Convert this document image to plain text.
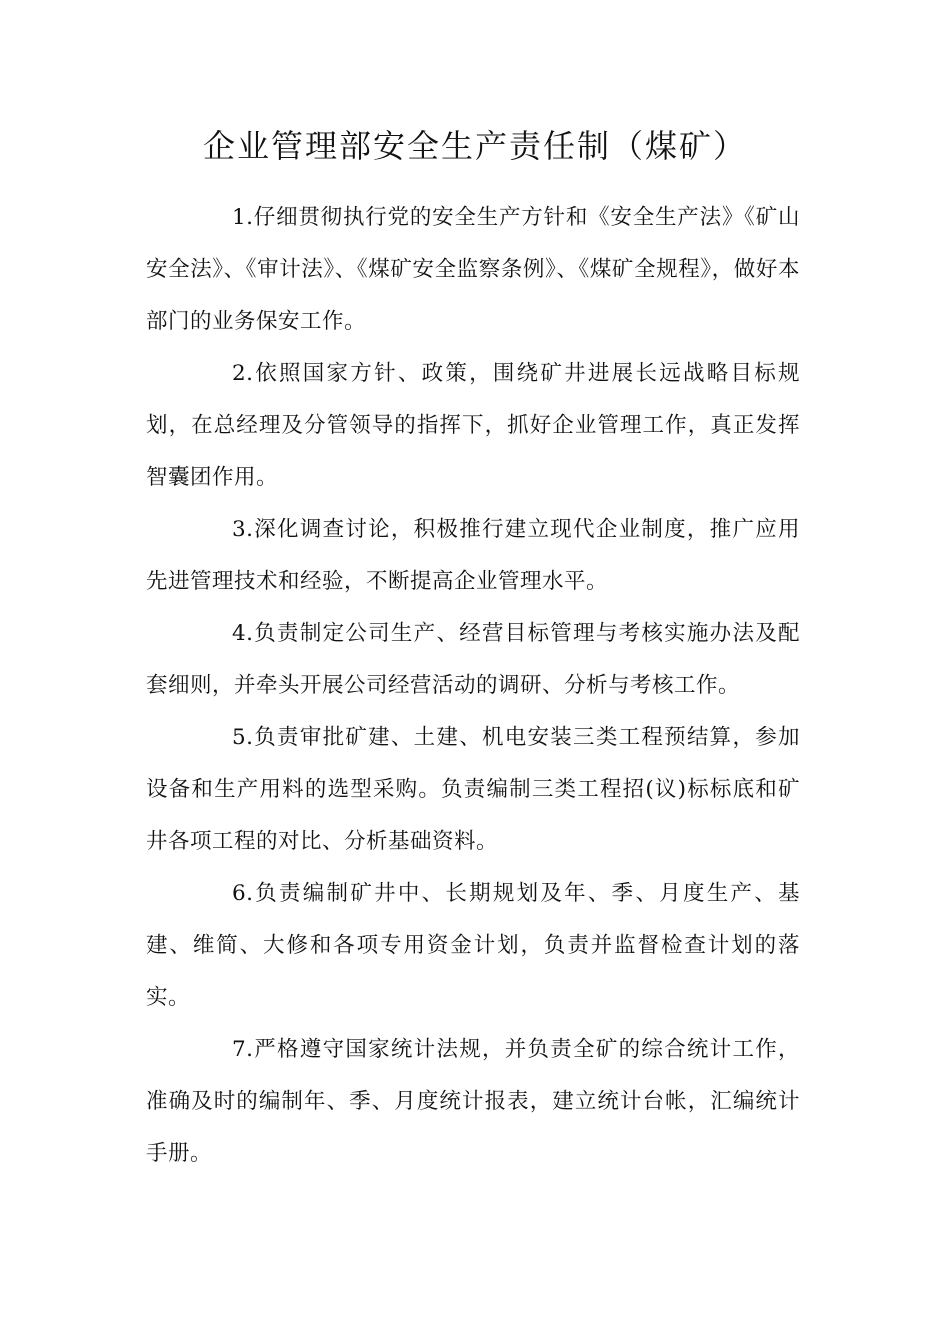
企业管理部安全生产责任制（煤矿）

1.仔细贯彻执行党的安全生产方针和《安全生产法》《矿山安全法》、《审计法》、《煤矿安全监察条例》、《煤矿全规程》，做好本部门的业务保安工作。

2.依照国家方针、政策，围绕矿井进展长远战略目标规划，在总经理及分管领导的指挥下，抓好企业管理工作，真正发挥智囊团作用。

3.深化调查讨论，积极推行建立现代企业制度，推广应用先进管理技术和经验，不断提高企业管理水平。

4.负责制定公司生产、经营目标管理与考核实施办法及配套细则，并牵头开展公司经营活动的调研、分析与考核工作。

5.负责审批矿建、土建、机电安装三类工程预结算，参加设备和生产用料的选型采购。负责编制三类工程招(议)标标底和矿井各项工程的对比、分析基础资料。

6.负责编制矿井中、长期规划及年、季、月度生产、基建、维简、大修和各项专用资金计划，负责并监督检查计划的落实。

7.严格遵守国家统计法规，并负责全矿的综合统计工作，准确及时的编制年、季、月度统计报表，建立统计台帐，汇编统计手册。
